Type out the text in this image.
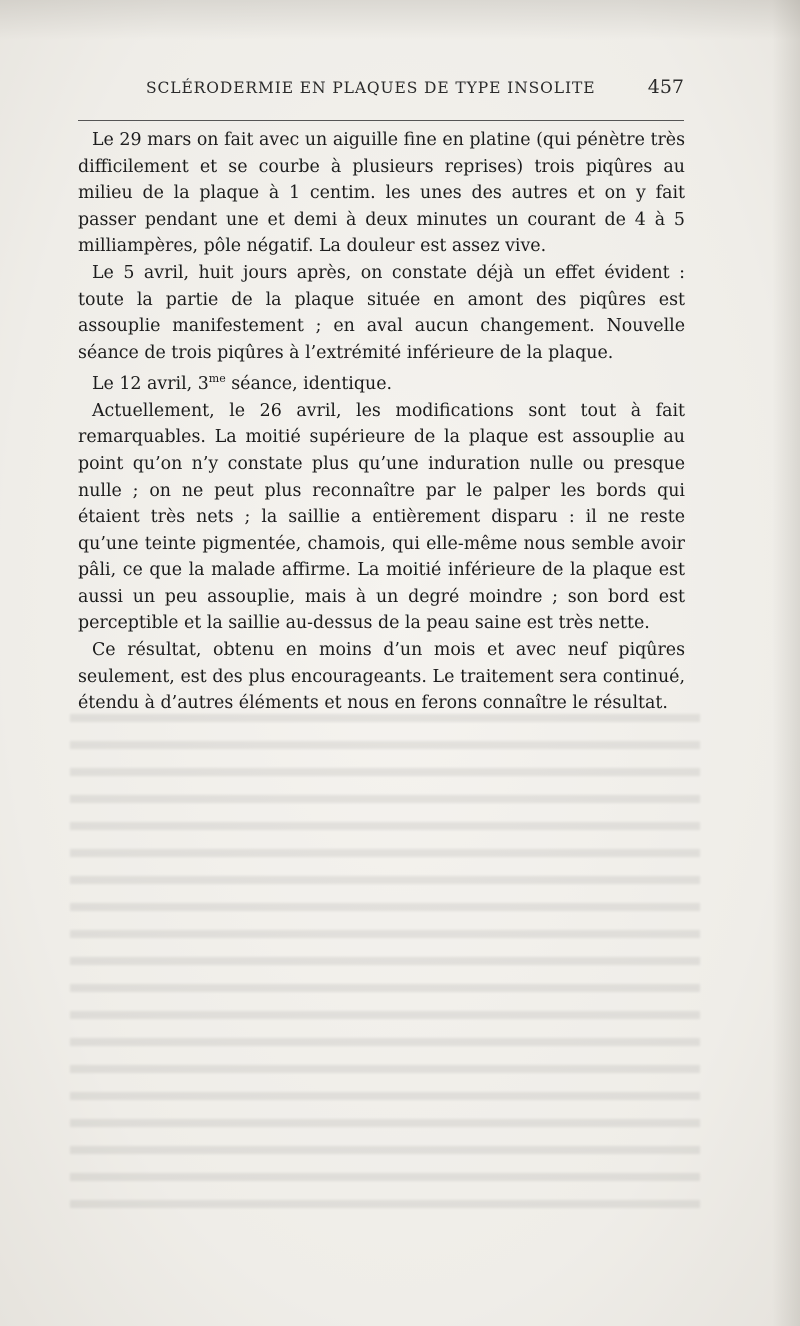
SCLÉRODERMIE EN PLAQUES DE TYPE INSOLITE	457

Le 29 mars on fait avec un aiguille fine en platine (qui pénètre très difficilement et se courbe à plusieurs reprises) trois piqûres au milieu de la plaque à 1 centim. les unes des autres et on y fait passer pendant une et demi à deux minutes un courant de 4 à 5 milliampères, pôle négatif. La douleur est assez vive.

Le 5 avril, huit jours après, on constate déjà un effet évident : toute la partie de la plaque située en amont des piqûres est assouplie manifestement ; en aval aucun changement. Nouvelle séance de trois piqûres à l’extrémité inférieure de la plaque.

Le 12 avril, $3^{me}$ séance, identique.

Actuellement, le 26 avril, les modifications sont tout à fait remarquables. La moitié supérieure de la plaque est assouplie au point qu’on n’y constate plus qu’une induration nulle ou presque nulle ; on ne peut plus reconnaître par le palper les bords qui étaient très nets ; la saillie a entièrement disparu : il ne reste qu’une teinte pigmentée, chamois, qui elle-même nous semble avoir pâli, ce que la malade affirme. La moitié inférieure de la plaque est aussi un peu assouplie, mais à un degré moindre ; son bord est perceptible et la saillie au-dessus de la peau saine est très nette.

Ce résultat, obtenu en moins d’un mois et avec neuf piqûres seulement, est des plus encourageants. Le traitement sera continué, étendu à d’autres éléments et nous en ferons connaître le résultat.
